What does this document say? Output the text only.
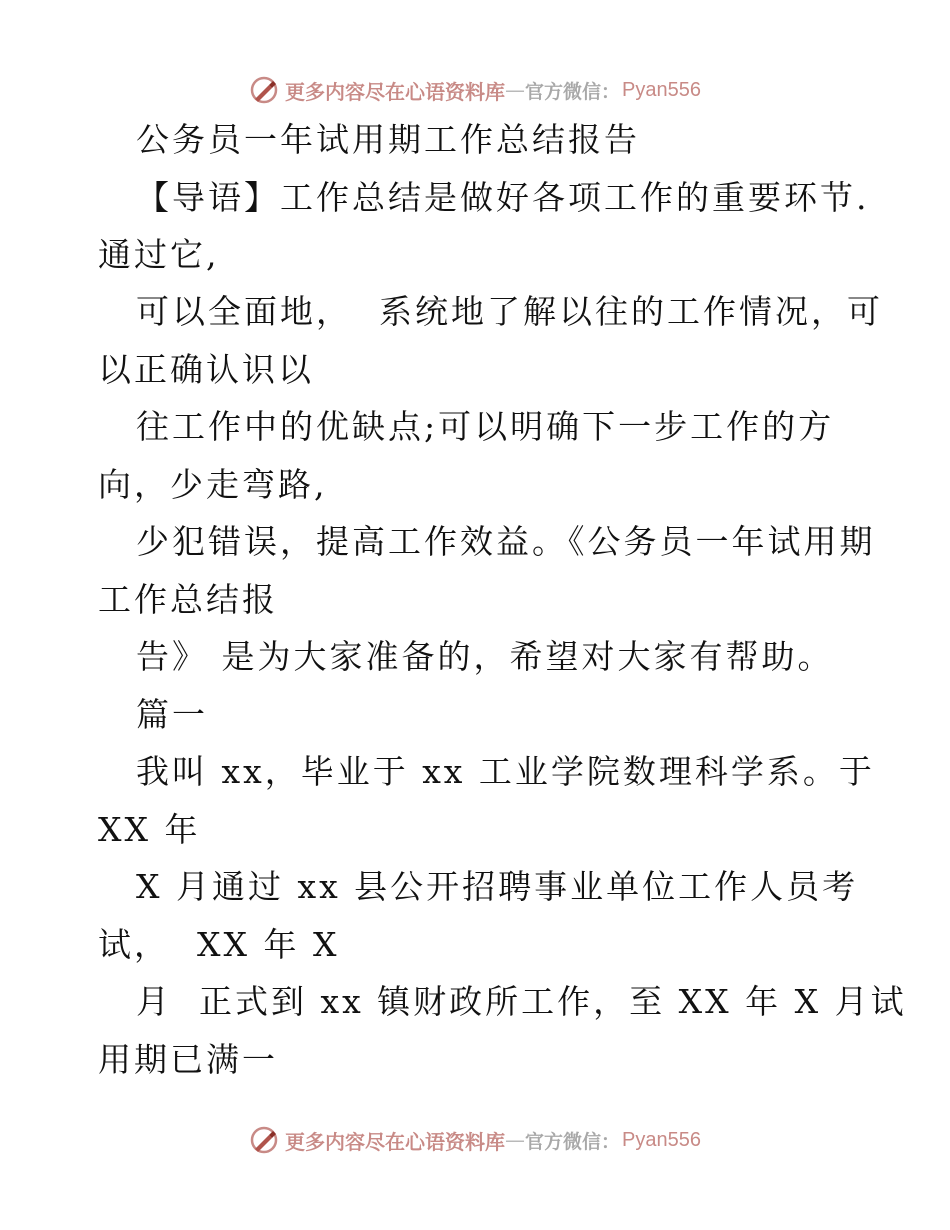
更多内容尽在心语资料库 — 官方微信： Pyan556
公务员一年试用期工作总结报告
【导语】工作总结是做好各项工作的重要环节.
通过它,
可以全面地，  系统地了解以往的工作情况，可
以正确认识以
往工作中的优缺点;可以明确下一步工作的方
向，少走弯路,
少犯错误，提高工作效益。《公务员一年试用期
工作总结报
告》 是为大家准备的，希望对大家有帮助。
篇一
我叫 xx，毕业于 xx 工业学院数理科学系。于
XX 年
X 月通过 xx 县公开招聘事业单位工作人员考
试，  XX 年 X
月  正式到 xx 镇财政所工作，至 XX 年 X 月试
用期已满一
更多内容尽在心语资料库 — 官方微信： Pyan556
